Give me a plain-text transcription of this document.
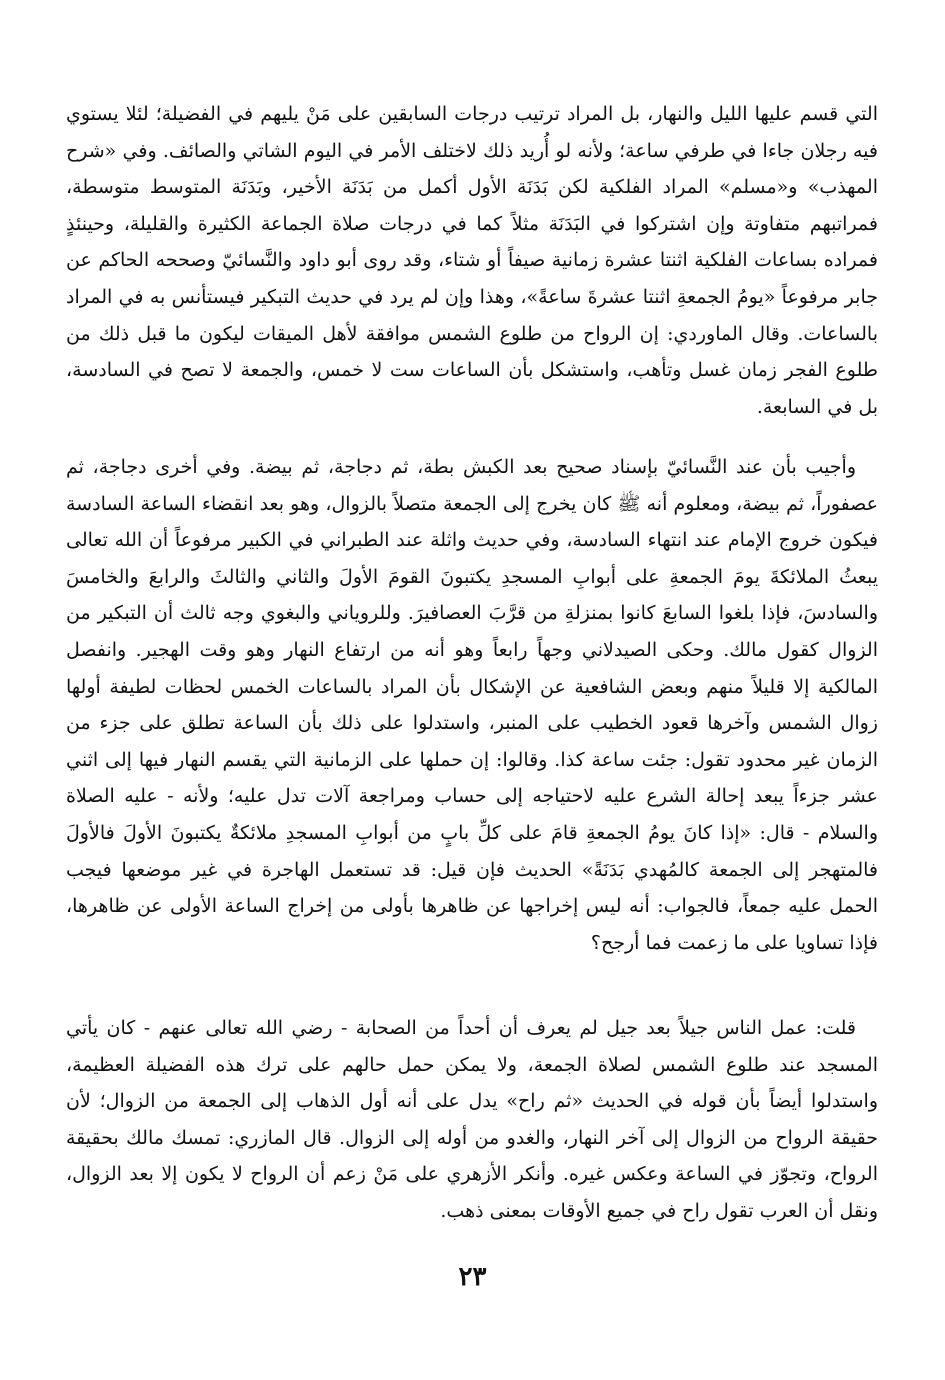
التي قسم عليها الليل والنهار، بل المراد ترتيب درجات السابقين على مَنْ يليهم في الفضيلة؛ لئلا يستوي فيه رجلان جاءا في طرفي ساعة؛ ولأنه لو أُريد ذلك لاختلف الأمر في اليوم الشاتي والصائف. وفي «شرح المهذب» و«مسلم» المراد الفلكية لكن بَدَنَة الأول أكمل من بَدَنَة الأخير، وبَدَنَة المتوسط متوسطة، فمراتبهم متفاوتة وإن اشتركوا في البَدَنَة مثلاً كما في درجات صلاة الجماعة الكثيرة والقليلة، وحينئذٍ فمراده بساعات الفلكية اثنتا عشرة زمانية صيفاً أو شتاء، وقد روى أبو داود والنَّسائيّ وصححه الحاكم عن جابر مرفوعاً «يومُ الجمعةِ اثنتا عشرةَ ساعةً»، وهذا وإن لم يرد في حديث التبكير فيستأنس به في المراد بالساعات. وقال الماوردي: إن الرواح من طلوع الشمس موافقة لأهل الميقات ليكون ما قبل ذلك من طلوع الفجر زمان غسل وتأهب، واستشكل بأن الساعات ست لا خمس، والجمعة لا تصح في السادسة، بل في السابعة.

وأجيب بأن عند النَّسائيّ بإسناد صحيح بعد الكبش بطة، ثم دجاجة، ثم بيضة. وفي أخرى دجاجة، ثم عصفوراً، ثم بيضة، ومعلوم أنه ﷺ كان يخرج إلى الجمعة متصلاً بالزوال، وهو بعد انقضاء الساعة السادسة فيكون خروج الإمام عند انتهاء السادسة، وفي حديث واثلة عند الطبراني في الكبير مرفوعاً أن الله تعالى يبعثُ الملائكةَ يومَ الجمعةِ على أبوابِ المسجدِ يكتبونَ القومَ الأولَ والثاني والثالثَ والرابعَ والخامسَ والسادسَ، فإذا بلغوا السابعَ كانوا بمنزلةِ من قرَّبَ العصافيرَ. وللروياني والبغوي وجه ثالث أن التبكير من الزوال كقول مالك. وحكى الصيدلاني وجهاً رابعاً وهو أنه من ارتفاع النهار وهو وقت الهجير. وانفصل المالكية إلا قليلاً منهم وبعض الشافعية عن الإشكال بأن المراد بالساعات الخمس لحظات لطيفة أولها زوال الشمس وآخرها قعود الخطيب على المنبر، واستدلوا على ذلك بأن الساعة تطلق على جزء من الزمان غير محدود تقول: جئت ساعة كذا. وقالوا: إن حملها على الزمانية التي يقسم النهار فيها إلى اثني عشر جزءاً يبعد إحالة الشرع عليه لاحتياجه إلى حساب ومراجعة آلات تدل عليه؛ ولأنه - عليه الصلاة والسلام - قال: «إذا كانَ يومُ الجمعةِ قامَ على كلِّ بابٍ من أبوابِ المسجدِ ملائكةٌ يكتبونَ الأولَ فالأولَ فالمتهجر إلى الجمعة كالمُهدي بَدَنَةً» الحديث فإن قيل: قد تستعمل الهاجرة في غير موضعها فيجب الحمل عليه جمعاً، فالجواب: أنه ليس إخراجها عن ظاهرها بأولى من إخراج الساعة الأولى عن ظاهرها، فإذا تساويا على ما زعمت فما أرجح؟

قلت: عمل الناس جيلاً بعد جيل لم يعرف أن أحداً من الصحابة - رضي الله تعالى عنهم - كان يأتي المسجد عند طلوع الشمس لصلاة الجمعة، ولا يمكن حمل حالهم على ترك هذه الفضيلة العظيمة، واستدلوا أيضاً بأن قوله في الحديث «ثم راح» يدل على أنه أول الذهاب إلى الجمعة من الزوال؛ لأن حقيقة الرواح من الزوال إلى آخر النهار، والغدو من أوله إلى الزوال. قال المازري: تمسك مالك بحقيقة الرواح، وتجوّز في الساعة وعكس غيره. وأنكر الأزهري على مَنْ زعم أن الرواح لا يكون إلا بعد الزوال، ونقل أن العرب تقول راح في جميع الأوقات بمعنى ذهب.

٢٣
